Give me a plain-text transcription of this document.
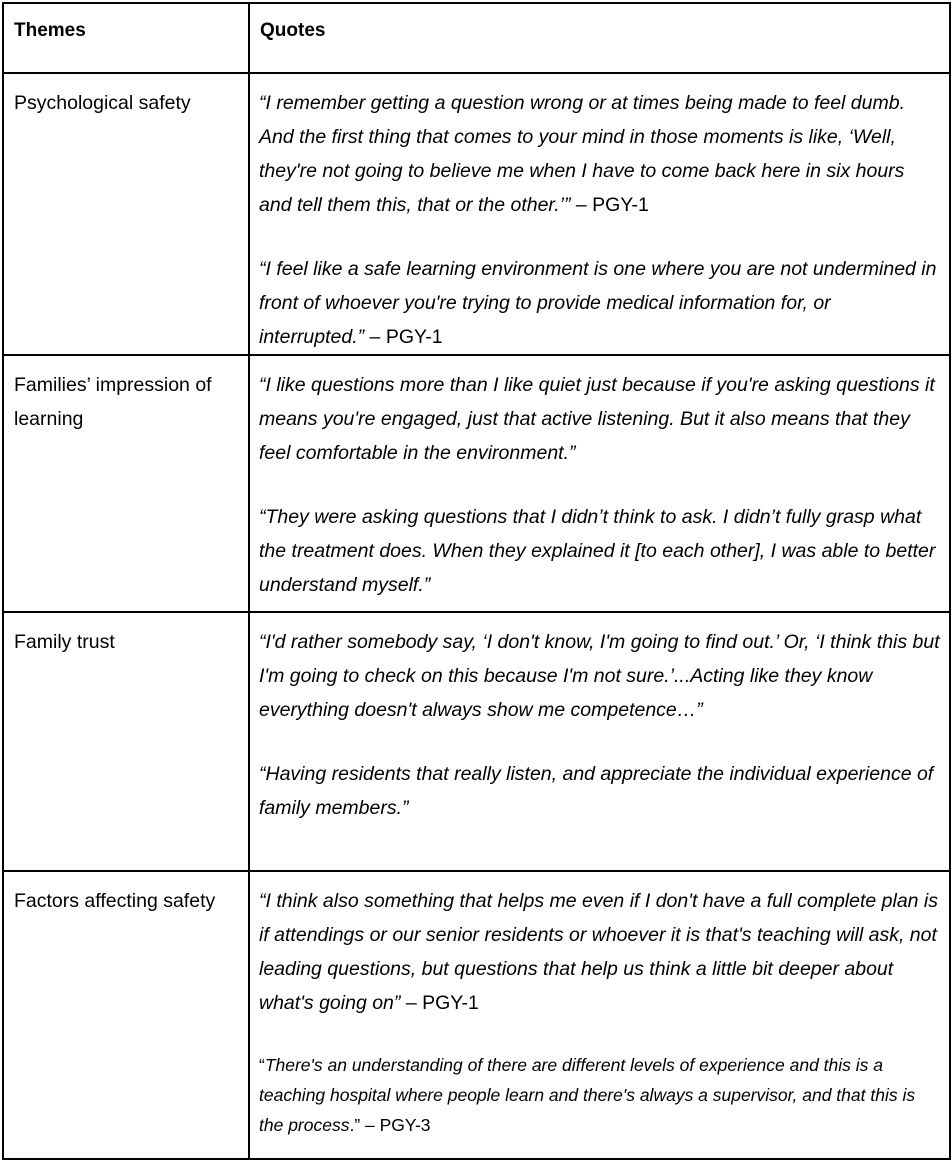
Themes	Quotes
Psychological safety	“I remember getting a question wrong or at times being made to feel dumb. And the first thing that comes to your mind in those moments is like, ‘Well, they're not going to believe me when I have to come back here in six hours and tell them this, that or the other.’” – PGY-1

“I feel like a safe learning environment is one where you are not undermined in front of whoever you're trying to provide medical information for, or interrupted.” – PGY-1

Families’ impression of learning	“I like questions more than I like quiet just because if you're asking questions it means you're engaged, just that active listening. But it also means that they feel comfortable in the environment.”

“They were asking questions that I didn’t think to ask. I didn’t fully grasp what the treatment does. When they explained it [to each other], I was able to better understand myself.”

Family trust	“I'd rather somebody say, ‘I don't know, I'm going to find out.’ Or, ‘I think this but I'm going to check on this because I'm not sure.’...Acting like they know everything doesn't always show me competence…”

“Having residents that really listen, and appreciate the individual experience of family members.”

Factors affecting safety	“I think also something that helps me even if I don't have a full complete plan is if attendings or our senior residents or whoever it is that's teaching will ask, not leading questions, but questions that help us think a little bit deeper about what's going on” – PGY-1

“There's an understanding of there are different levels of experience and this is a teaching hospital where people learn and there's always a supervisor, and that this is the process.” – PGY-3
